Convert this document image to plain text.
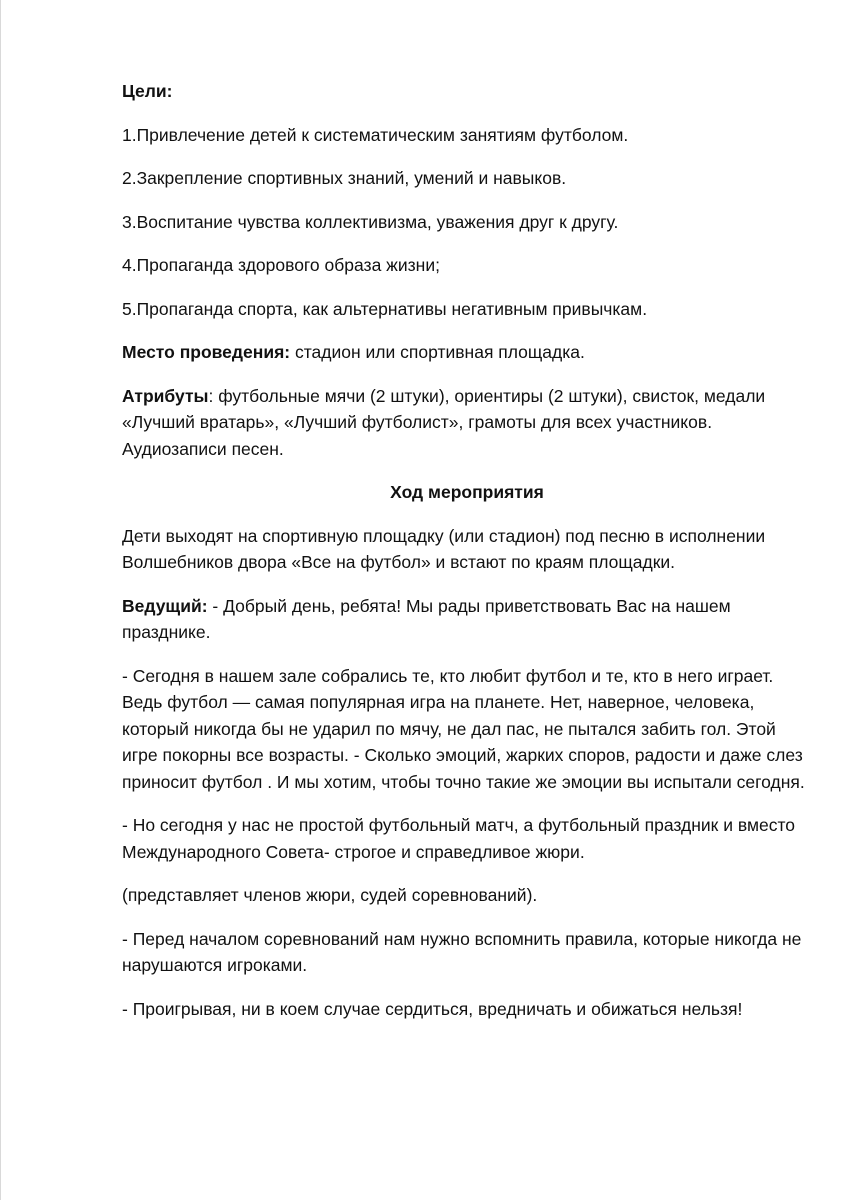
Цели:

1.Привлечение детей к систематическим занятиям футболом.

2.Закрепление спортивных знаний, умений и навыков.

3.Воспитание чувства коллективизма, уважения друг к другу.

4.Пропаганда здорового образа жизни;

5.Пропаганда спорта, как альтернативы негативным привычкам.

Место проведения: стадион или спортивная площадка.

Атрибуты: футбольные мячи (2 штуки), ориентиры (2 штуки), свисток, медали «Лучший вратарь», «Лучший футболист», грамоты для всех участников. Аудиозаписи песен.

Ход мероприятия

Дети выходят на спортивную площадку (или стадион) под песню в исполнении Волшебников двора «Все на футбол» и встают по краям площадки.

Ведущий: - Добрый день, ребята! Мы рады приветствовать Вас на нашем празднике.

- Сегодня в нашем зале собрались те, кто любит футбол и те, кто в него играет. Ведь футбол — самая популярная игра на планете. Нет, наверное, человека, который никогда бы не ударил по мячу, не дал пас, не пытался забить гол. Этой игре покорны все возрасты. - Сколько эмоций, жарких споров, радости и даже слез приносит футбол . И мы хотим, чтобы точно такие же эмоции вы испытали сегодня.

- Но сегодня у нас не простой футбольный матч, а футбольный праздник и вместо Международного Совета- строгое и справедливое жюри.

(представляет членов жюри, судей соревнований).

- Перед началом соревнований нам нужно вспомнить правила, которые никогда не нарушаются игроками.

- Проигрывая, ни в коем случае сердиться, вредничать и обижаться нельзя!
